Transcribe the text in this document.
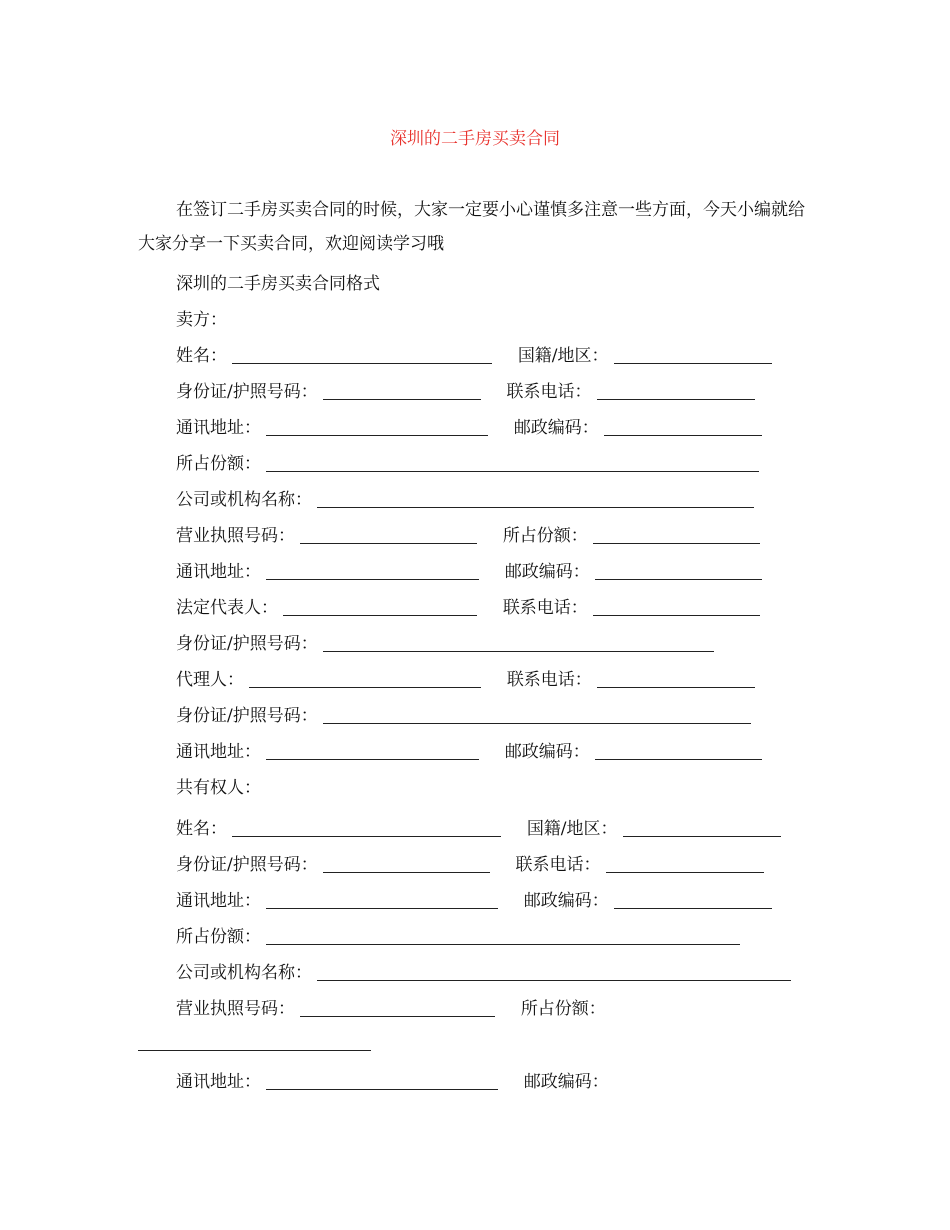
深圳的二手房买卖合同

在签订二手房买卖合同的时候，大家一定要小心谨慎多注意一些方面，今天小编就给大家分享一下买卖合同，欢迎阅读学习哦

深圳的二手房买卖合同格式
卖方：
姓名：	国籍/地区：
身份证/护照号码：	联系电话：
通讯地址：	邮政编码：
所占份额：
公司或机构名称：
营业执照号码：	所占份额：
通讯地址：	邮政编码：
法定代表人：	联系电话：
身份证/护照号码：
代理人：	联系电话：
身份证/护照号码：
通讯地址：	邮政编码：
共有权人：
姓名：	国籍/地区：
身份证/护照号码：	联系电话：
通讯地址：	邮政编码：
所占份额：
公司或机构名称：
营业执照号码：	所占份额：
通讯地址：	邮政编码：
